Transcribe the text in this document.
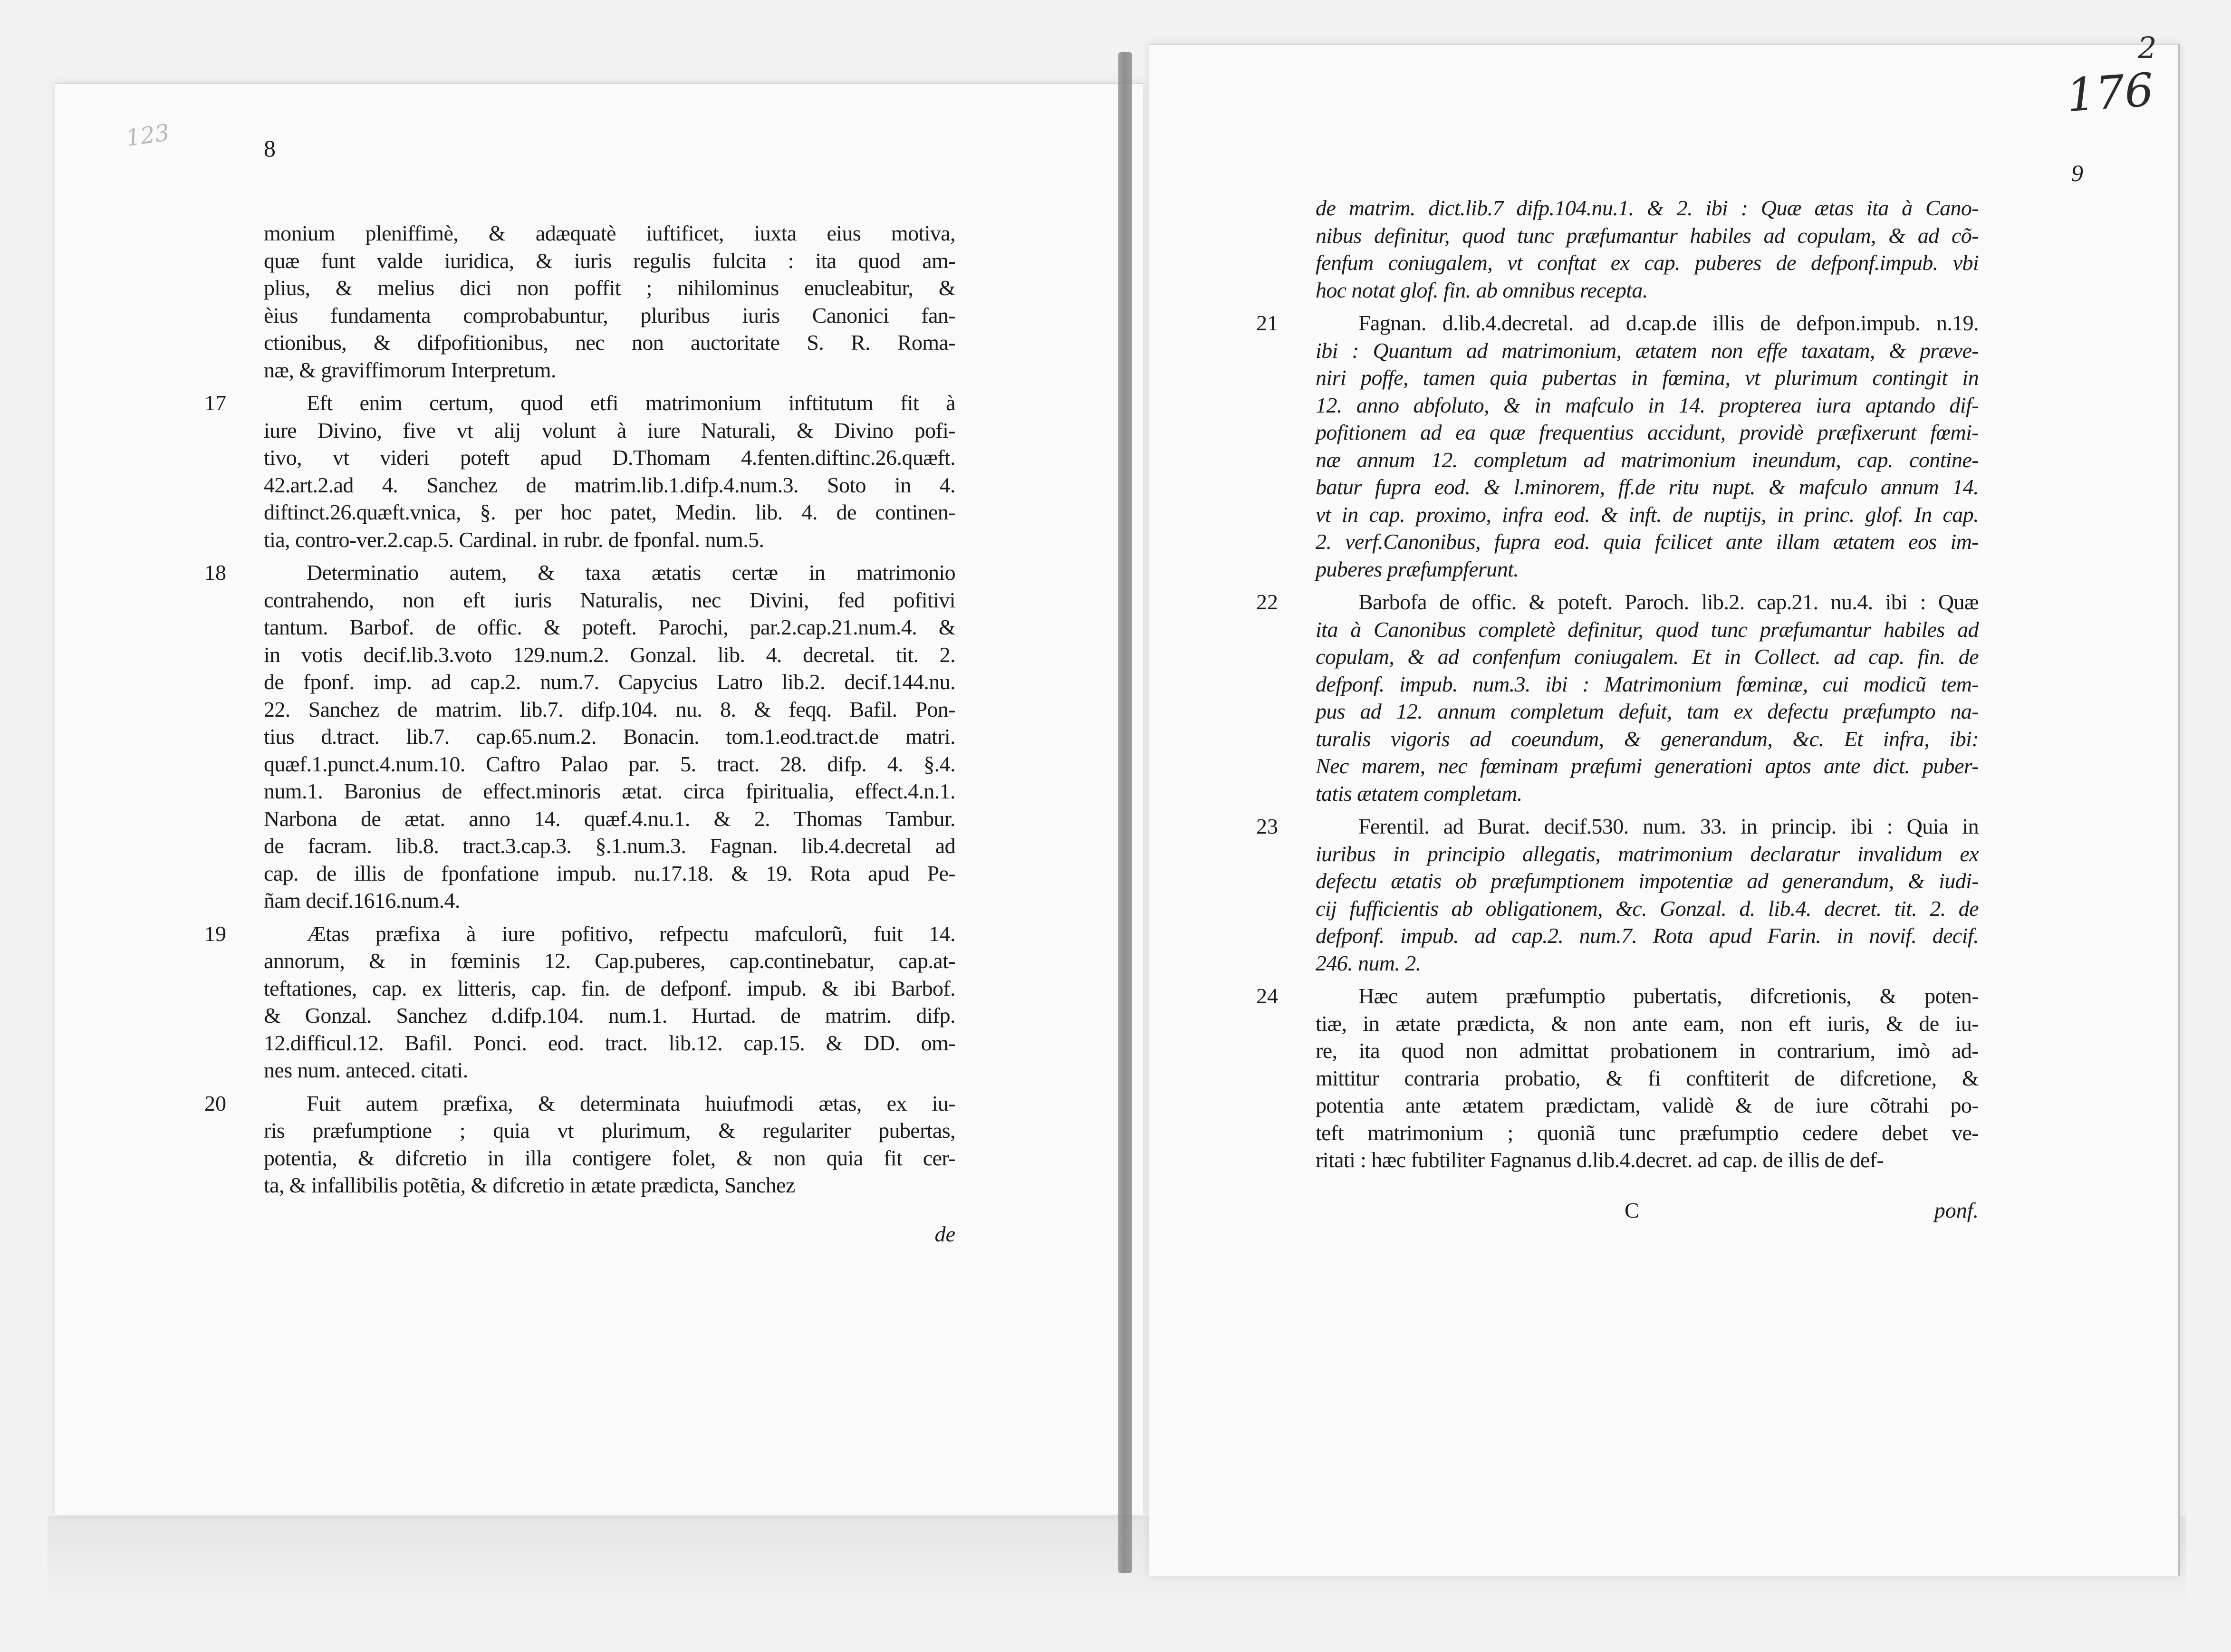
123	8
monium pleniffimè, & adæquatè iuftificet, iuxta eius motiva,
quæ funt valde iuridica, & iuris regulis fulcita : ita quod am-
plius, & melius dici non poffit ; nihilominus enucleabitur, &
èius fundamenta comprobabuntur, pluribus iuris Canonici fan-
ctionibus, & difpofitionibus, nec non auctoritate S. R. Roma-
næ, & graviffimorum Interpretum.
17	Eft enim certum, quod etfi matrimonium inftitutum fit à
iure Divino, five vt alij volunt à iure Naturali, & Divino pofi-
tivo, vt videri poteft apud D.Thomam 4.fenten.diftinc.26.quæft.
42.art.2.ad 4. Sanchez de matrim.lib.1.difp.4.num.3. Soto in 4.
diftinct.26.quæft.vnica, §. per hoc patet, Medin. lib. 4. de continen-
tia, contro-ver.2.cap.5. Cardinal. in rubr. de fponfal. num.5.
18	Determinatio autem, & taxa ætatis certæ in matrimonio
contrahendo, non eft iuris Naturalis, nec Divini, fed pofitivi
tantum. Barbof. de offic. & poteft. Parochi, par.2.cap.21.num.4. &
in votis decif.lib.3.voto 129.num.2. Gonzal. lib. 4. decretal. tit. 2.
de fponf. imp. ad cap.2. num.7. Capycius Latro lib.2. decif.144.nu.
22. Sanchez de matrim. lib.7. difp.104. nu. 8. & feqq. Bafil. Pon-
tius d.tract. lib.7. cap.65.num.2. Bonacin. tom.1.eod.tract.de matri.
quæf.1.punct.4.num.10. Caftro Palao par. 5. tract. 28. difp. 4. §.4.
num.1. Baronius de effect.minoris ætat. circa fpiritualia, effect.4.n.1.
Narbona de ætat. anno 14. quæf.4.nu.1. & 2. Thomas Tambur.
de facram. lib.8. tract.3.cap.3. §.1.num.3. Fagnan. lib.4.decretal ad
cap. de illis de fponfatione impub. nu.17.18. & 19. Rota apud Pe-
ñam decif.1616.num.4.
19	Ætas præfixa à iure pofitivo, refpectu mafculorũ, fuit 14.
annorum, & in fœminis 12. Cap.puberes, cap.continebatur, cap.at-
teftationes, cap. ex litteris, cap. fin. de defponf. impub. & ibi Barbof.
& Gonzal. Sanchez d.difp.104. num.1. Hurtad. de matrim. difp.
12.difficul.12. Bafil. Ponci. eod. tract. lib.12. cap.15. & DD. om-
nes num. anteced. citati.
20	Fuit autem præfixa, & determinata huiufmodi ætas, ex iu-
ris præfumptione ; quia vt plurimum, & regulariter pubertas,
potentia, & difcretio in illa contigere folet, & non quia fit cer-
ta, & infallibilis potẽtia, & difcretio in ætate prædicta, Sanchez
de
176
2
9
de matrim. dict.lib.7 difp.104.nu.1. & 2. ibi : Quæ ætas ita à Cano-
nibus definitur, quod tunc præfumantur habiles ad copulam, & ad cõ-
fenfum coniugalem, vt conftat ex cap. puberes de defponf.impub. vbi
hoc notat glof. fin. ab omnibus recepta.
21	Fagnan. d.lib.4.decretal. ad d.cap.de illis de defpon.impub. n.19.
ibi : Quantum ad matrimonium, ætatem non effe taxatam, & præve-
niri poffe, tamen quia pubertas in fœmina, vt plurimum contingit in
12. anno abfoluto, & in mafculo in 14. propterea iura aptando dif-
pofitionem ad ea quæ frequentius accidunt, providè præfixerunt fœmi-
næ annum 12. completum ad matrimonium ineundum, cap. contine-
batur fupra eod. & l.minorem, ff.de ritu nupt. & mafculo annum 14.
vt in cap. proximo, infra eod. & inft. de nuptijs, in princ. glof. In cap.
2. verf.Canonibus, fupra eod. quia fcilicet ante illam ætatem eos im-
puberes præfumpferunt.
22	Barbofa de offic. & poteft. Paroch. lib.2. cap.21. nu.4. ibi : Quæ
ita à Canonibus completè definitur, quod tunc præfumantur habiles ad
copulam, & ad confenfum coniugalem. Et in Collect. ad cap. fin. de
defponf. impub. num.3. ibi : Matrimonium fœminæ, cui modicũ tem-
pus ad 12. annum completum defuit, tam ex defectu præfumpto na-
turalis vigoris ad coeundum, & generandum, &c. Et infra, ibi:
Nec marem, nec fœminam præfumi generationi aptos ante dict. puber-
tatis ætatem completam.
23	Ferentil. ad Burat. decif.530. num. 33. in princip. ibi : Quia in
iuribus in principio allegatis, matrimonium declaratur invalidum ex
defectu ætatis ob præfumptionem impotentiæ ad generandum, & iudi-
cij fufficientis ab obligationem, &c. Gonzal. d. lib.4. decret. tit. 2. de
defponf. impub. ad cap.2. num.7. Rota apud Farin. in novif. decif.
246. num. 2.
24	Hæc autem præfumptio pubertatis, difcretionis, & poten-
tiæ, in ætate prædicta, & non ante eam, non eft iuris, & de iu-
re, ita quod non admittat probationem in contrarium, imò ad-
mittitur contraria probatio, & fi conftiterit de difcretione, &
potentia ante ætatem prædictam, validè & de iure cõtrahi po-
teft matrimonium ; quoniã tunc præfumptio cedere debet ve-
ritati : hæc fubtiliter Fagnanus d.lib.4.decret. ad cap. de illis de def-
C	ponf.
